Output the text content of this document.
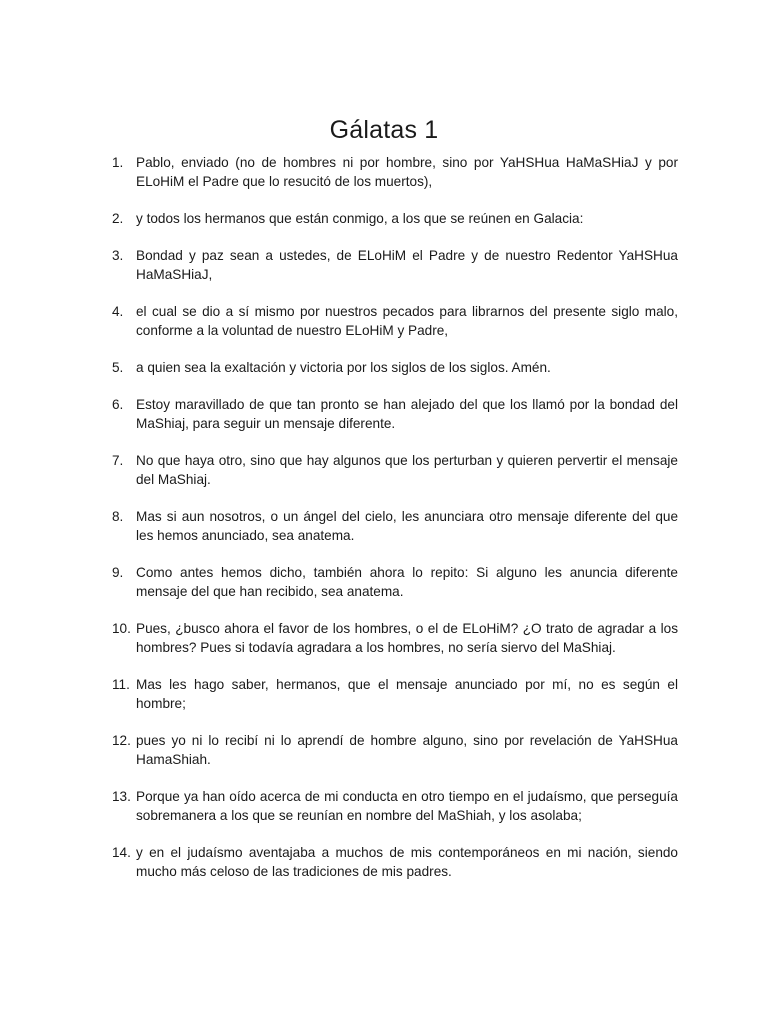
Gálatas 1
1. Pablo, enviado (no de hombres ni por hombre, sino por YaHSHua HaMaSHiaJ y por ELoHiM el Padre que lo resucitó de los muertos),
2. y todos los hermanos que están conmigo, a los que se reúnen en Galacia:
3. Bondad y paz sean a ustedes, de ELoHiM el Padre y de nuestro Redentor YaHSHua HaMaSHiaJ,
4. el cual se dio a sí mismo por nuestros pecados para librarnos del presente siglo malo, conforme a la voluntad de nuestro ELoHiM y Padre,
5. a quien sea la exaltación y victoria por los siglos de los siglos. Amén.
6. Estoy maravillado de que tan pronto se han alejado del que los llamó por la bondad del MaShiaj, para seguir un mensaje diferente.
7. No que haya otro, sino que hay algunos que los perturban y quieren pervertir el mensaje del MaShiaj.
8. Mas si aun nosotros, o un ángel del cielo, les anunciara otro mensaje diferente del que les hemos anunciado, sea anatema.
9. Como antes hemos dicho, también ahora lo repito: Si alguno les anuncia diferente mensaje del que han recibido, sea anatema.
10. Pues, ¿busco ahora el favor de los hombres, o el de ELoHiM? ¿O trato de agradar a los hombres? Pues si todavía agradara a los hombres, no sería siervo del MaShiaj.
11. Mas les hago saber, hermanos, que el mensaje anunciado por mí, no es según el hombre;
12. pues yo ni lo recibí ni lo aprendí de hombre alguno, sino por revelación de YaHSHua HamaShiah.
13. Porque ya han oído acerca de mi conducta en otro tiempo en el judaísmo, que perseguía sobremanera a los que se reunían en nombre del MaShiah, y los asolaba;
14. y en el judaísmo aventajaba a muchos de mis contemporáneos en mi nación, siendo mucho más celoso de las tradiciones de mis padres.
